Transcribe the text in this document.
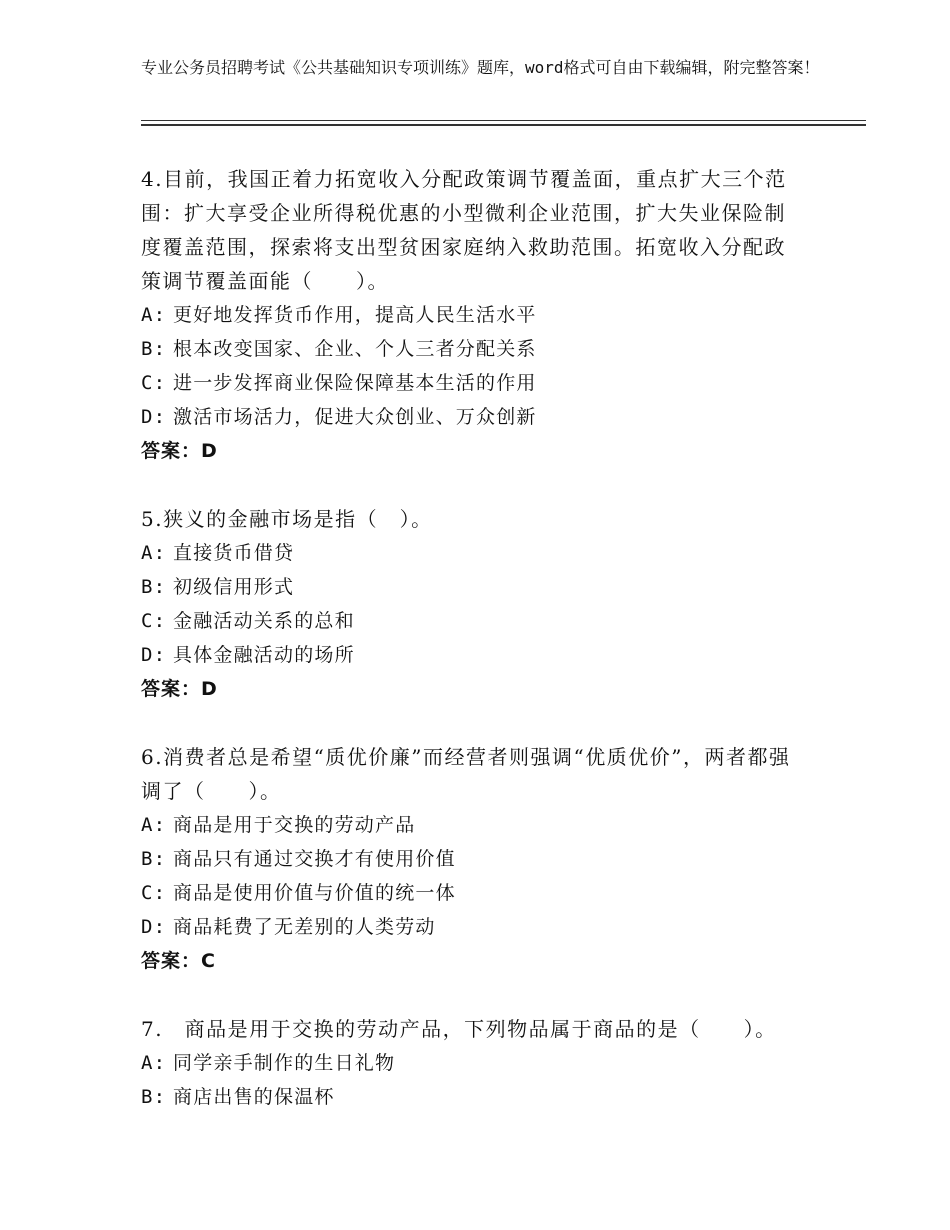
专业公务员招聘考试《公共基础知识专项训练》题库，word格式可自由下载编辑，附完整答案！
4.目前，我国正着力拓宽收入分配政策调节覆盖面，重点扩大三个范围：扩大享受企业所得税优惠的小型微利企业范围，扩大失业保险制度覆盖范围，探索将支出型贫困家庭纳入救助范围。拓宽收入分配政策调节覆盖面能（　　）。
A: 更好地发挥货币作用，提高人民生活水平
B: 根本改变国家、企业、个人三者分配关系
C: 进一步发挥商业保险保障基本生活的作用
D: 激活市场活力，促进大众创业、万众创新
答案：D
5.狭义的金融市场是指（　）。
A: 直接货币借贷
B: 初级信用形式
C: 金融活动关系的总和
D: 具体金融活动的场所
答案：D
6.消费者总是希望“质优价廉”而经营者则强调“优质优价”，两者都强调了（　　）。
A: 商品是用于交换的劳动产品
B: 商品只有通过交换才有使用价值
C: 商品是使用价值与价值的统一体
D: 商品耗费了无差别的人类劳动
答案：C
7.　商品是用于交换的劳动产品，下列物品属于商品的是（　　）。
A: 同学亲手制作的生日礼物
B: 商店出售的保温杯
